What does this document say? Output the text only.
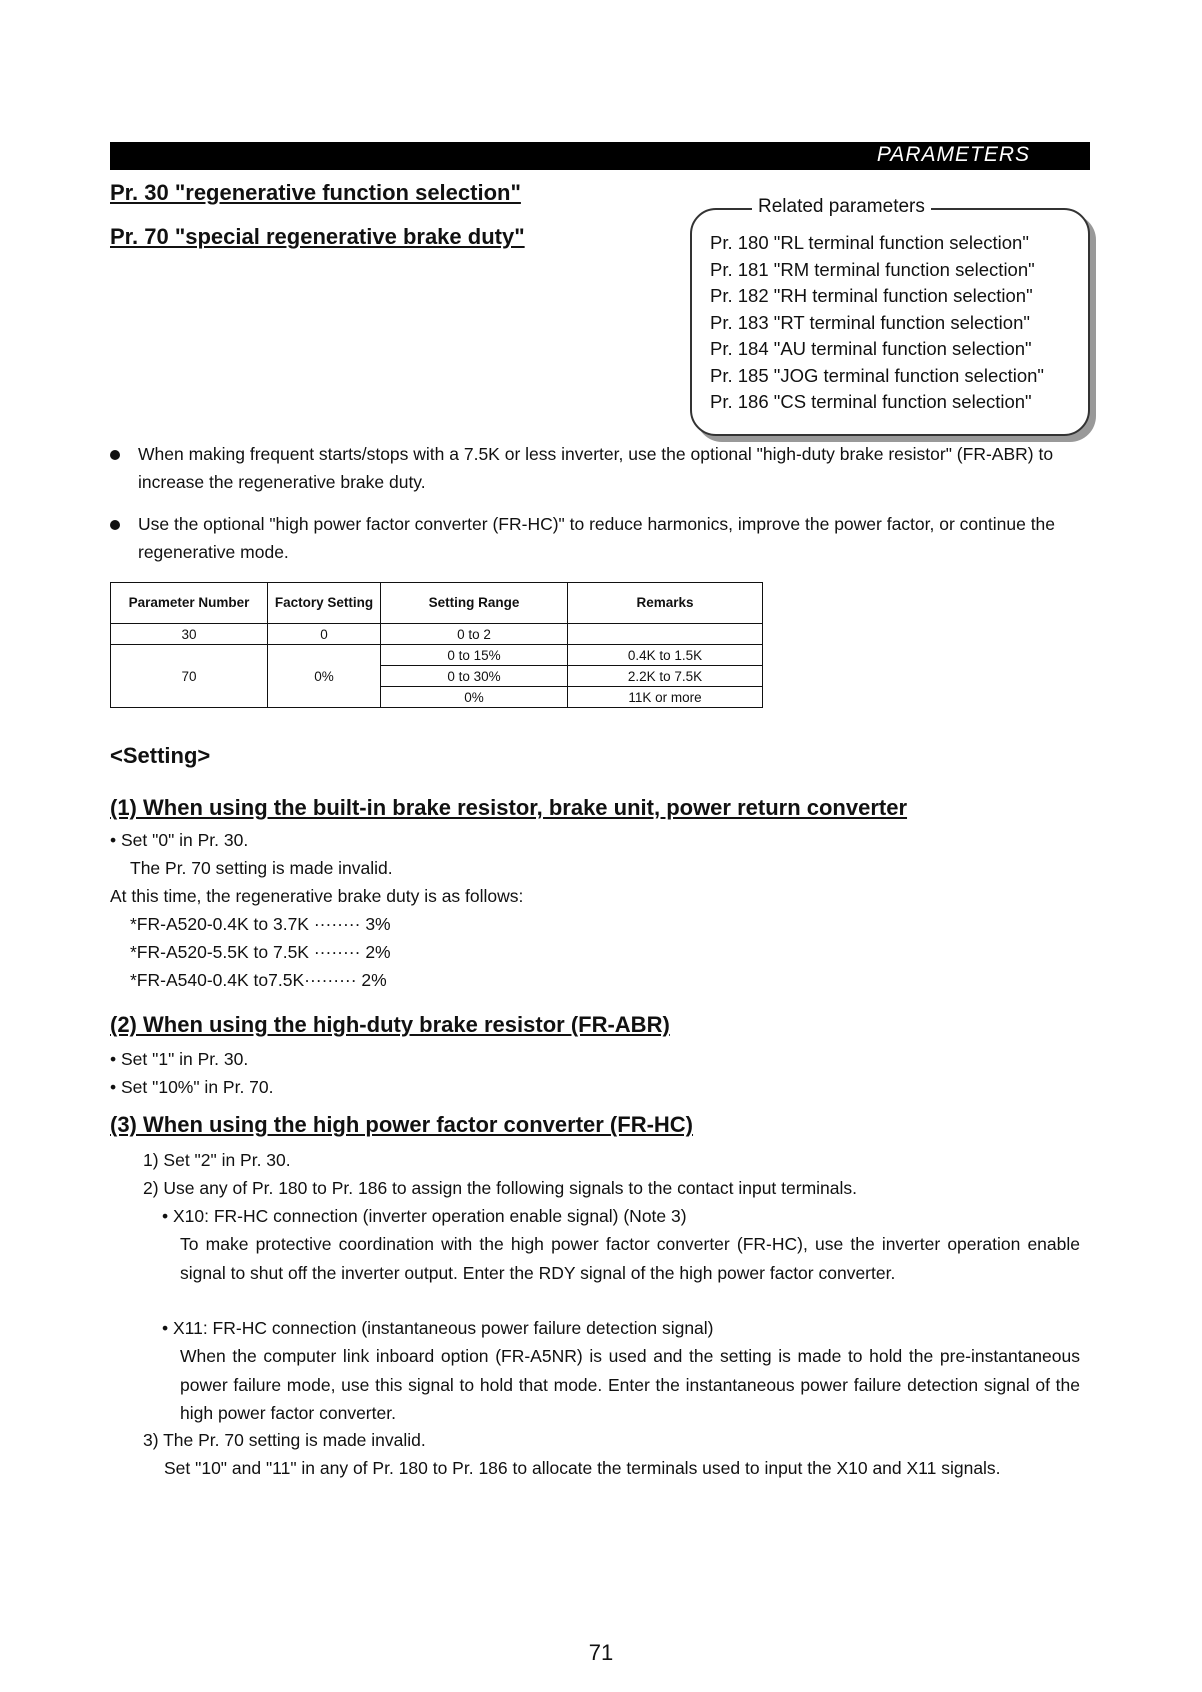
PARAMETERS
Pr. 30 "regenerative function selection"
Pr. 70 "special regenerative brake duty"
Related parameters
Pr. 180 "RL terminal function selection"
Pr. 181 "RM terminal function selection"
Pr. 182 "RH terminal function selection"
Pr. 183 "RT terminal function selection"
Pr. 184 "AU terminal function selection"
Pr. 185 "JOG terminal function selection"
Pr. 186 "CS terminal function selection"
When making frequent starts/stops with a 7.5K or less inverter, use the optional "high-duty brake resistor" (FR-ABR) to increase the regenerative brake duty.
Use the optional "high power factor converter (FR-HC)" to reduce harmonics, improve the power factor, or continue the regenerative mode.
Parameter Number	Factory Setting	Setting Range	Remarks
30	0	0 to 2	
70	0%	0 to 15%	0.4K to 1.5K
		0 to 30%	2.2K to 7.5K
		0%	11K or more
<Setting>
(1) When using the built-in brake resistor, brake unit, power return converter
• Set "0" in Pr. 30.
The Pr. 70 setting is made invalid.
At this time, the regenerative brake duty is as follows:
*FR-A520-0.4K to 3.7K ········ 3%
*FR-A520-5.5K to 7.5K ········ 2%
*FR-A540-0.4K to7.5K········· 2%
(2) When using the high-duty brake resistor (FR-ABR)
• Set "1" in Pr. 30.
• Set "10%" in Pr. 70.
(3) When using the high power factor converter (FR-HC)
1) Set "2" in Pr. 30.
2) Use any of Pr. 180 to Pr. 186 to assign the following signals to the contact input terminals.
• X10: FR-HC connection (inverter operation enable signal) (Note 3)
To make protective coordination with the high power factor converter (FR-HC), use the inverter operation enable signal to shut off the inverter output. Enter the RDY signal of the high power factor converter.
• X11: FR-HC connection (instantaneous power failure detection signal)
When the computer link inboard option (FR-A5NR) is used and the setting is made to hold the pre-instantaneous power failure mode, use this signal to hold that mode. Enter the instantaneous power failure detection signal of the high power factor converter.
3) The Pr. 70 setting is made invalid.
Set "10" and "11" in any of Pr. 180 to Pr. 186 to allocate the terminals used to input the X10 and X11 signals.
71
